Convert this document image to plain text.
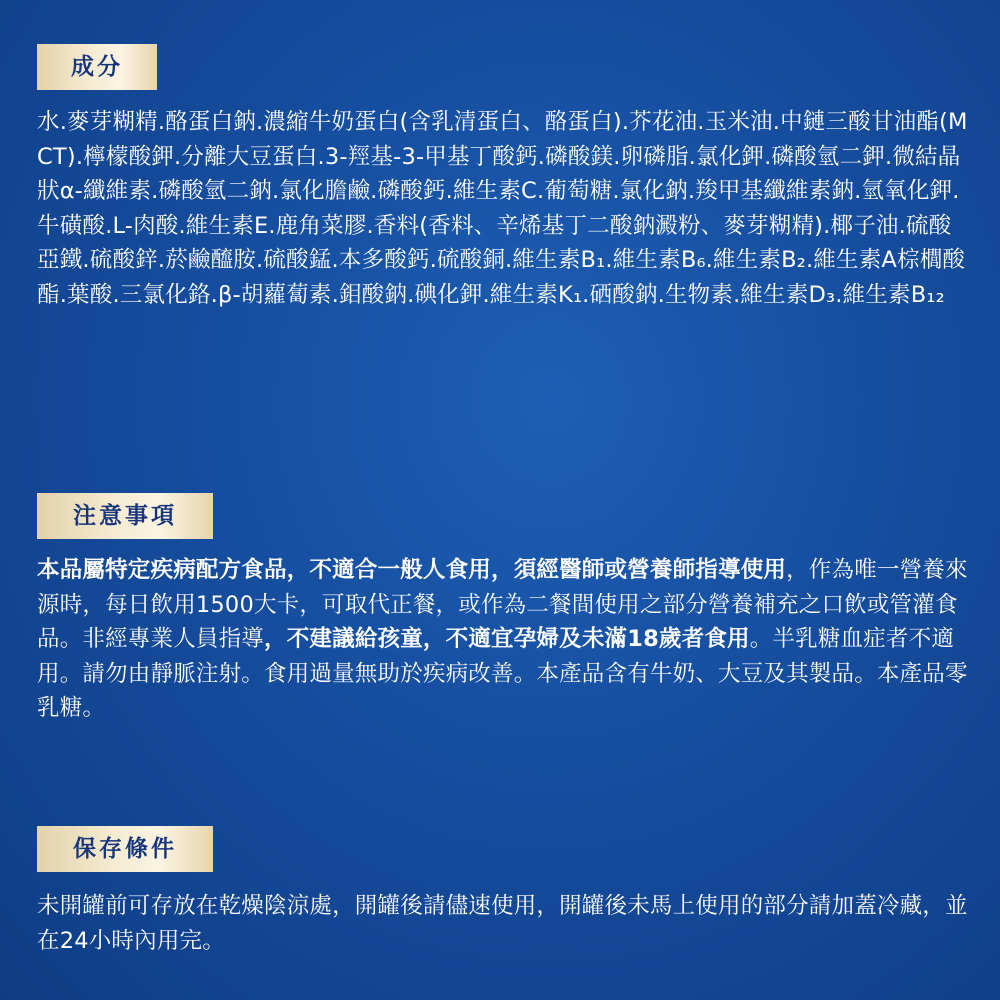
成分
水.麥芽糊精.酪蛋白鈉.濃縮牛奶蛋白(含乳清蛋白、酪蛋白).芥花油.玉米油.中鏈三酸甘油酯(MCT).檸檬酸鉀.分離大豆蛋白.3-羥基-3-甲基丁酸鈣.磷酸鎂.卵磷脂.氯化鉀.磷酸氫二鉀.微結晶狀α-纖維素.磷酸氫二鈉.氯化膽鹼.磷酸鈣.維生素C.葡萄糖.氯化鈉.羧甲基纖維素鈉.氫氧化鉀.牛磺酸.L-肉酸.維生素E.鹿角菜膠.香料(香料、辛烯基丁二酸鈉澱粉、麥芽糊精).椰子油.硫酸亞鐵.硫酸鋅.菸鹼醯胺.硫酸錳.本多酸鈣.硫酸銅.維生素B₁.維生素B₆.維生素B₂.維生素A棕櫚酸酯.葉酸.三氯化鉻.β-胡蘿蔔素.鉬酸鈉.碘化鉀.維生素K₁.硒酸鈉.生物素.維生素D₃.維生素B₁₂
注意事項
本品屬特定疾病配方食品，不適合一般人食用，須經醫師或營養師指導使用，作為唯一營養來源時，每日飲用1500大卡，可取代正餐，或作為二餐間使用之部分營養補充之口飲或管灌食品。非經專業人員指導，不建議給孩童，不適宜孕婦及未滿18歲者食用。半乳糖血症者不適用。請勿由靜脈注射。食用過量無助於疾病改善。本產品含有牛奶、大豆及其製品。本產品零乳糖。
保存條件
未開罐前可存放在乾燥陰涼處，開罐後請儘速使用，開罐後未馬上使用的部分請加蓋冷藏，並在24小時內用完。
